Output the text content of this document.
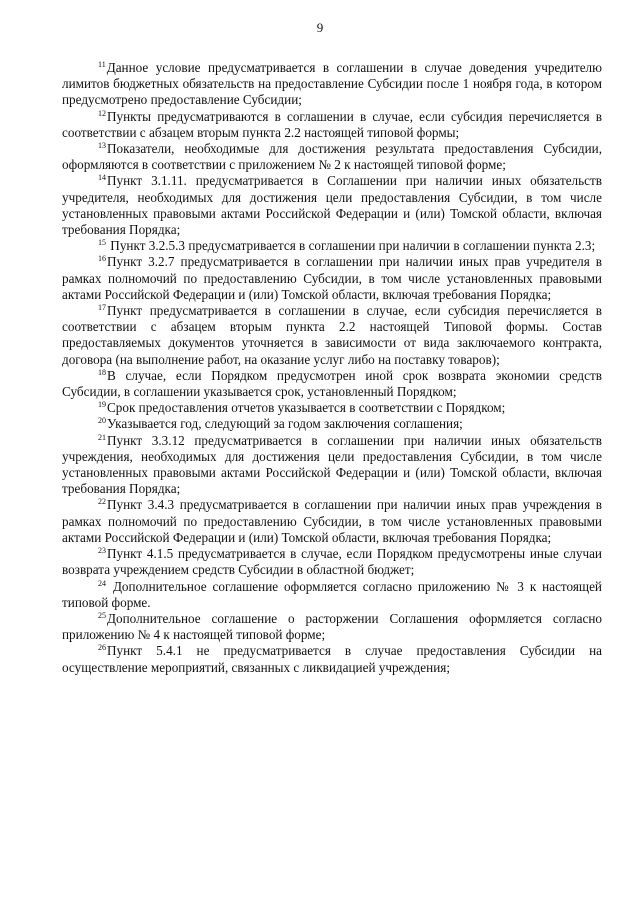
9

$^{11}$Данное условие предусматривается в соглашении в случае доведения учредителю лимитов бюджетных обязательств на предоставление Субсидии после 1 ноября года, в котором предусмотрено предоставление Субсидии;

$^{12}$Пункты предусматриваются в соглашении в случае, если субсидия перечисляется в соответствии с абзацем вторым пункта 2.2 настоящей типовой формы;

$^{13}$Показатели, необходимые для достижения результата предоставления Субсидии, оформляются в соответствии с приложением № 2 к настоящей типовой форме;

$^{14}$Пункт 3.1.11. предусматривается в Соглашении при наличии иных обязательств учредителя, необходимых для достижения цели предоставления Субсидии, в том числе установленных правовыми актами Российской Федерации и (или) Томской области, включая требования Порядка;

$^{15}$ Пункт 3.2.5.3 предусматривается в соглашении при наличии в соглашении пункта 2.3;

$^{16}$Пункт 3.2.7 предусматривается в соглашении при наличии иных прав учредителя в рамках полномочий по предоставлению Субсидии, в том числе установленных правовыми актами Российской Федерации и (или) Томской области, включая требования Порядка;

$^{17}$Пункт предусматривается в соглашении в случае, если субсидия перечисляется в соответствии с абзацем вторым пункта 2.2 настоящей Типовой формы. Состав предоставляемых документов уточняется в зависимости от вида заключаемого контракта, договора (на выполнение работ, на оказание услуг либо на поставку товаров);

$^{18}$В случае, если Порядком предусмотрен иной срок возврата экономии средств Субсидии, в соглашении указывается срок, установленный Порядком;

$^{19}$Срок предоставления отчетов указывается в соответствии с Порядком;

$^{20}$Указывается год, следующий за годом заключения соглашения;

$^{21}$Пункт 3.3.12 предусматривается в соглашении при наличии иных обязательств учреждения, необходимых для достижения цели предоставления Субсидии, в том числе установленных правовыми актами Российской Федерации и (или) Томской области, включая требования Порядка;

$^{22}$Пункт 3.4.3 предусматривается в соглашении при наличии иных прав учреждения в рамках полномочий по предоставлению Субсидии, в том числе установленных правовыми актами Российской Федерации и (или) Томской области, включая требования Порядка;

$^{23}$Пункт 4.1.5 предусматривается в случае, если Порядком предусмотрены иные случаи возврата учреждением средств Субсидии в областной бюджет;

$^{24}$ Дополнительное соглашение оформляется согласно приложению № 3 к настоящей типовой форме.

$^{25}$Дополнительное соглашение о расторжении Соглашения оформляется согласно приложению № 4 к настоящей типовой форме;

$^{26}$Пункт 5.4.1 не предусматривается в случае предоставления Субсидии на осуществление мероприятий, связанных с ликвидацией учреждения;
